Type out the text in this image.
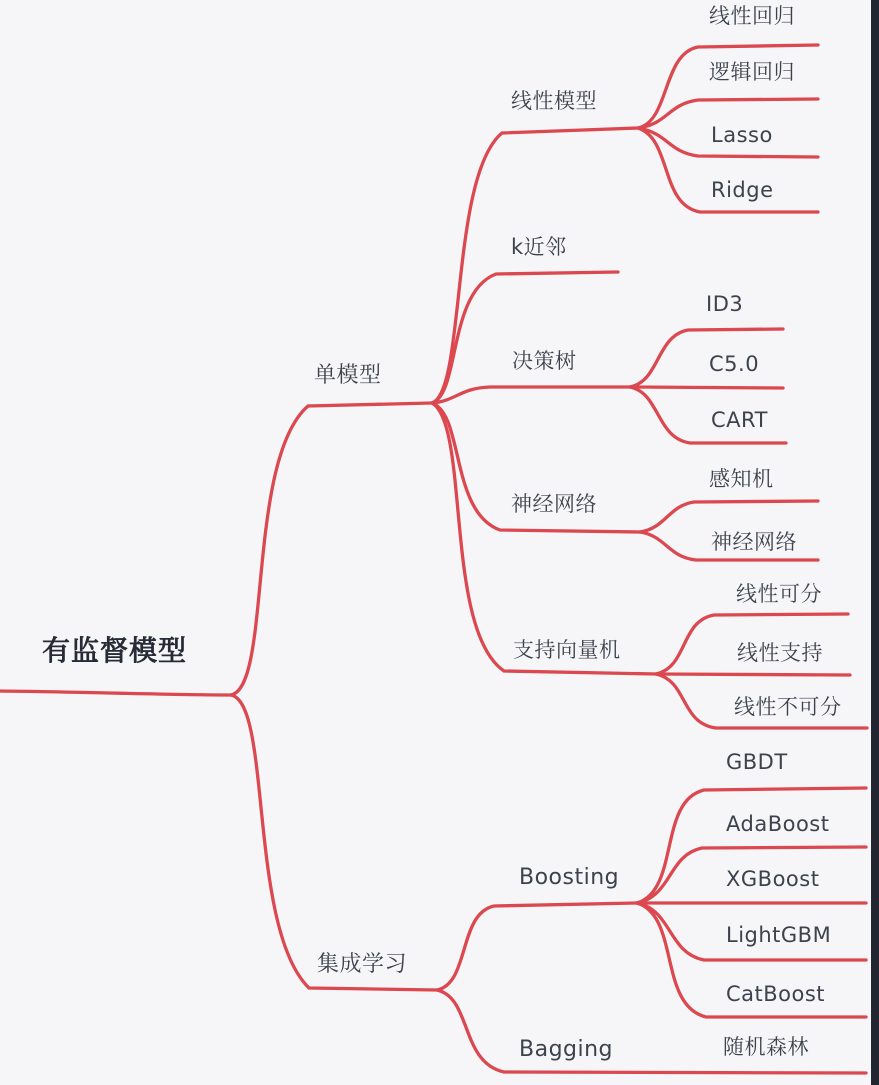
有监督模型
单模型
集成学习
线性模型
k近邻
决策树
神经网络
支持向量机
线性回归
逻辑回归
Lasso
Ridge
ID3
C5.0
CART
感知机
神经网络
线性可分
线性支持
线性不可分
Boosting
Bagging
GBDT
AdaBoost
XGBoost
LightGBM
CatBoost
随机森林
